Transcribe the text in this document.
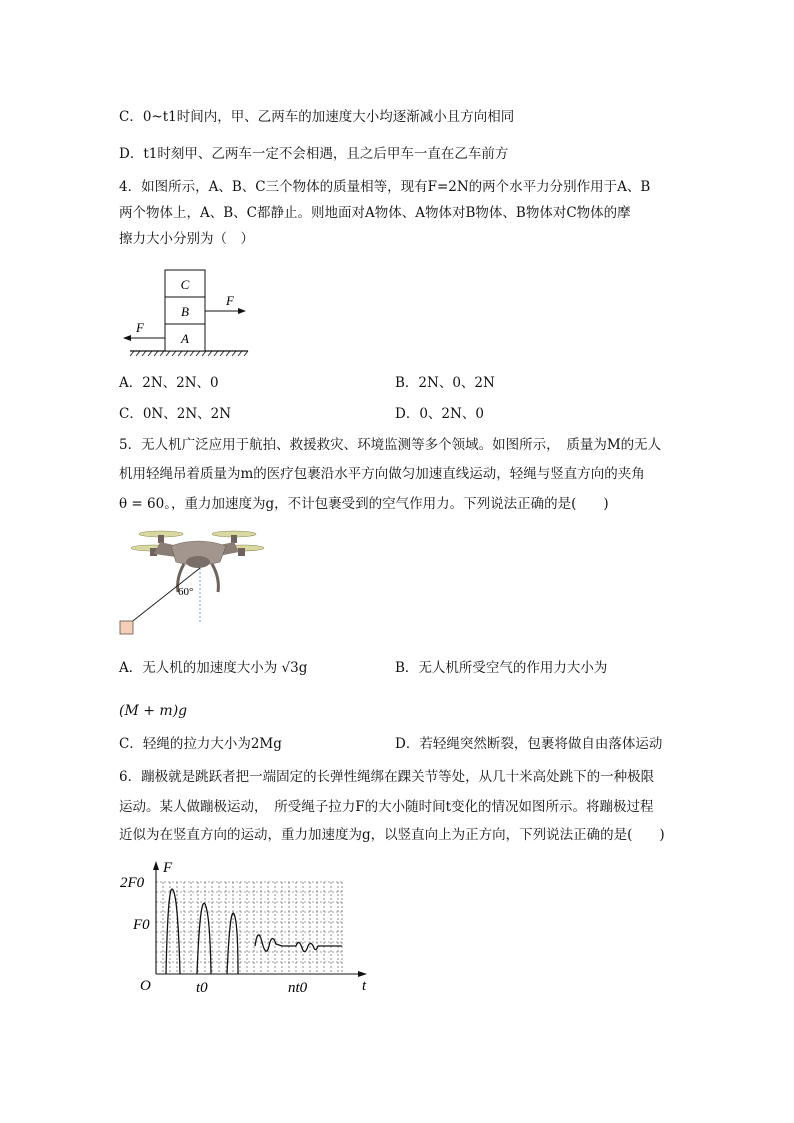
C．0~t1时间内，甲、乙两车的加速度大小均逐渐减小且方向相同
D．t1时刻甲、乙两车一定不会相遇，且之后甲车一直在乙车前方
4．如图所示，A、B、C三个物体的质量相等，现有F=2N的两个水平力分别作用于A、B
两个物体上，A、B、C都静止。则地面对A物体、A物体对B物体、B物体对C物体的摩
擦力大小分别为（　）
C
B
A
F
F
A．2N、2N、0	B．2N、0、2N
C．0N、2N、2N	D．0、2N、0
5．无人机广泛应用于航拍、救援救灾、环境监测等多个领域。如图所示，　质量为M的无人
机用轻绳吊着质量为m的医疗包裹沿水平方向做匀加速直线运动，轻绳与竖直方向的夹角
θ = 60。，重力加速度为g，不计包裹受到的空气作用力。下列说法正确的是(　　)
60°
A．无人机的加速度大小为 √3g	B．无人机所受空气的作用力大小为
(M + m)g
C．轻绳的拉力大小为2Mg	D．若轻绳突然断裂，包裹将做自由落体运动
6．蹦极就是跳跃者把一端固定的长弹性绳绑在踝关节等处，从几十米高处跳下的一种极限
运动。某人做蹦极运动，　所受绳子拉力F的大小随时间t变化的情况如图所示。将蹦极过程
近似为在竖直方向的运动，重力加速度为g，以竖直向上为正方向，下列说法正确的是(　　)
F
t
2F0
F0
O	t0	nt0
